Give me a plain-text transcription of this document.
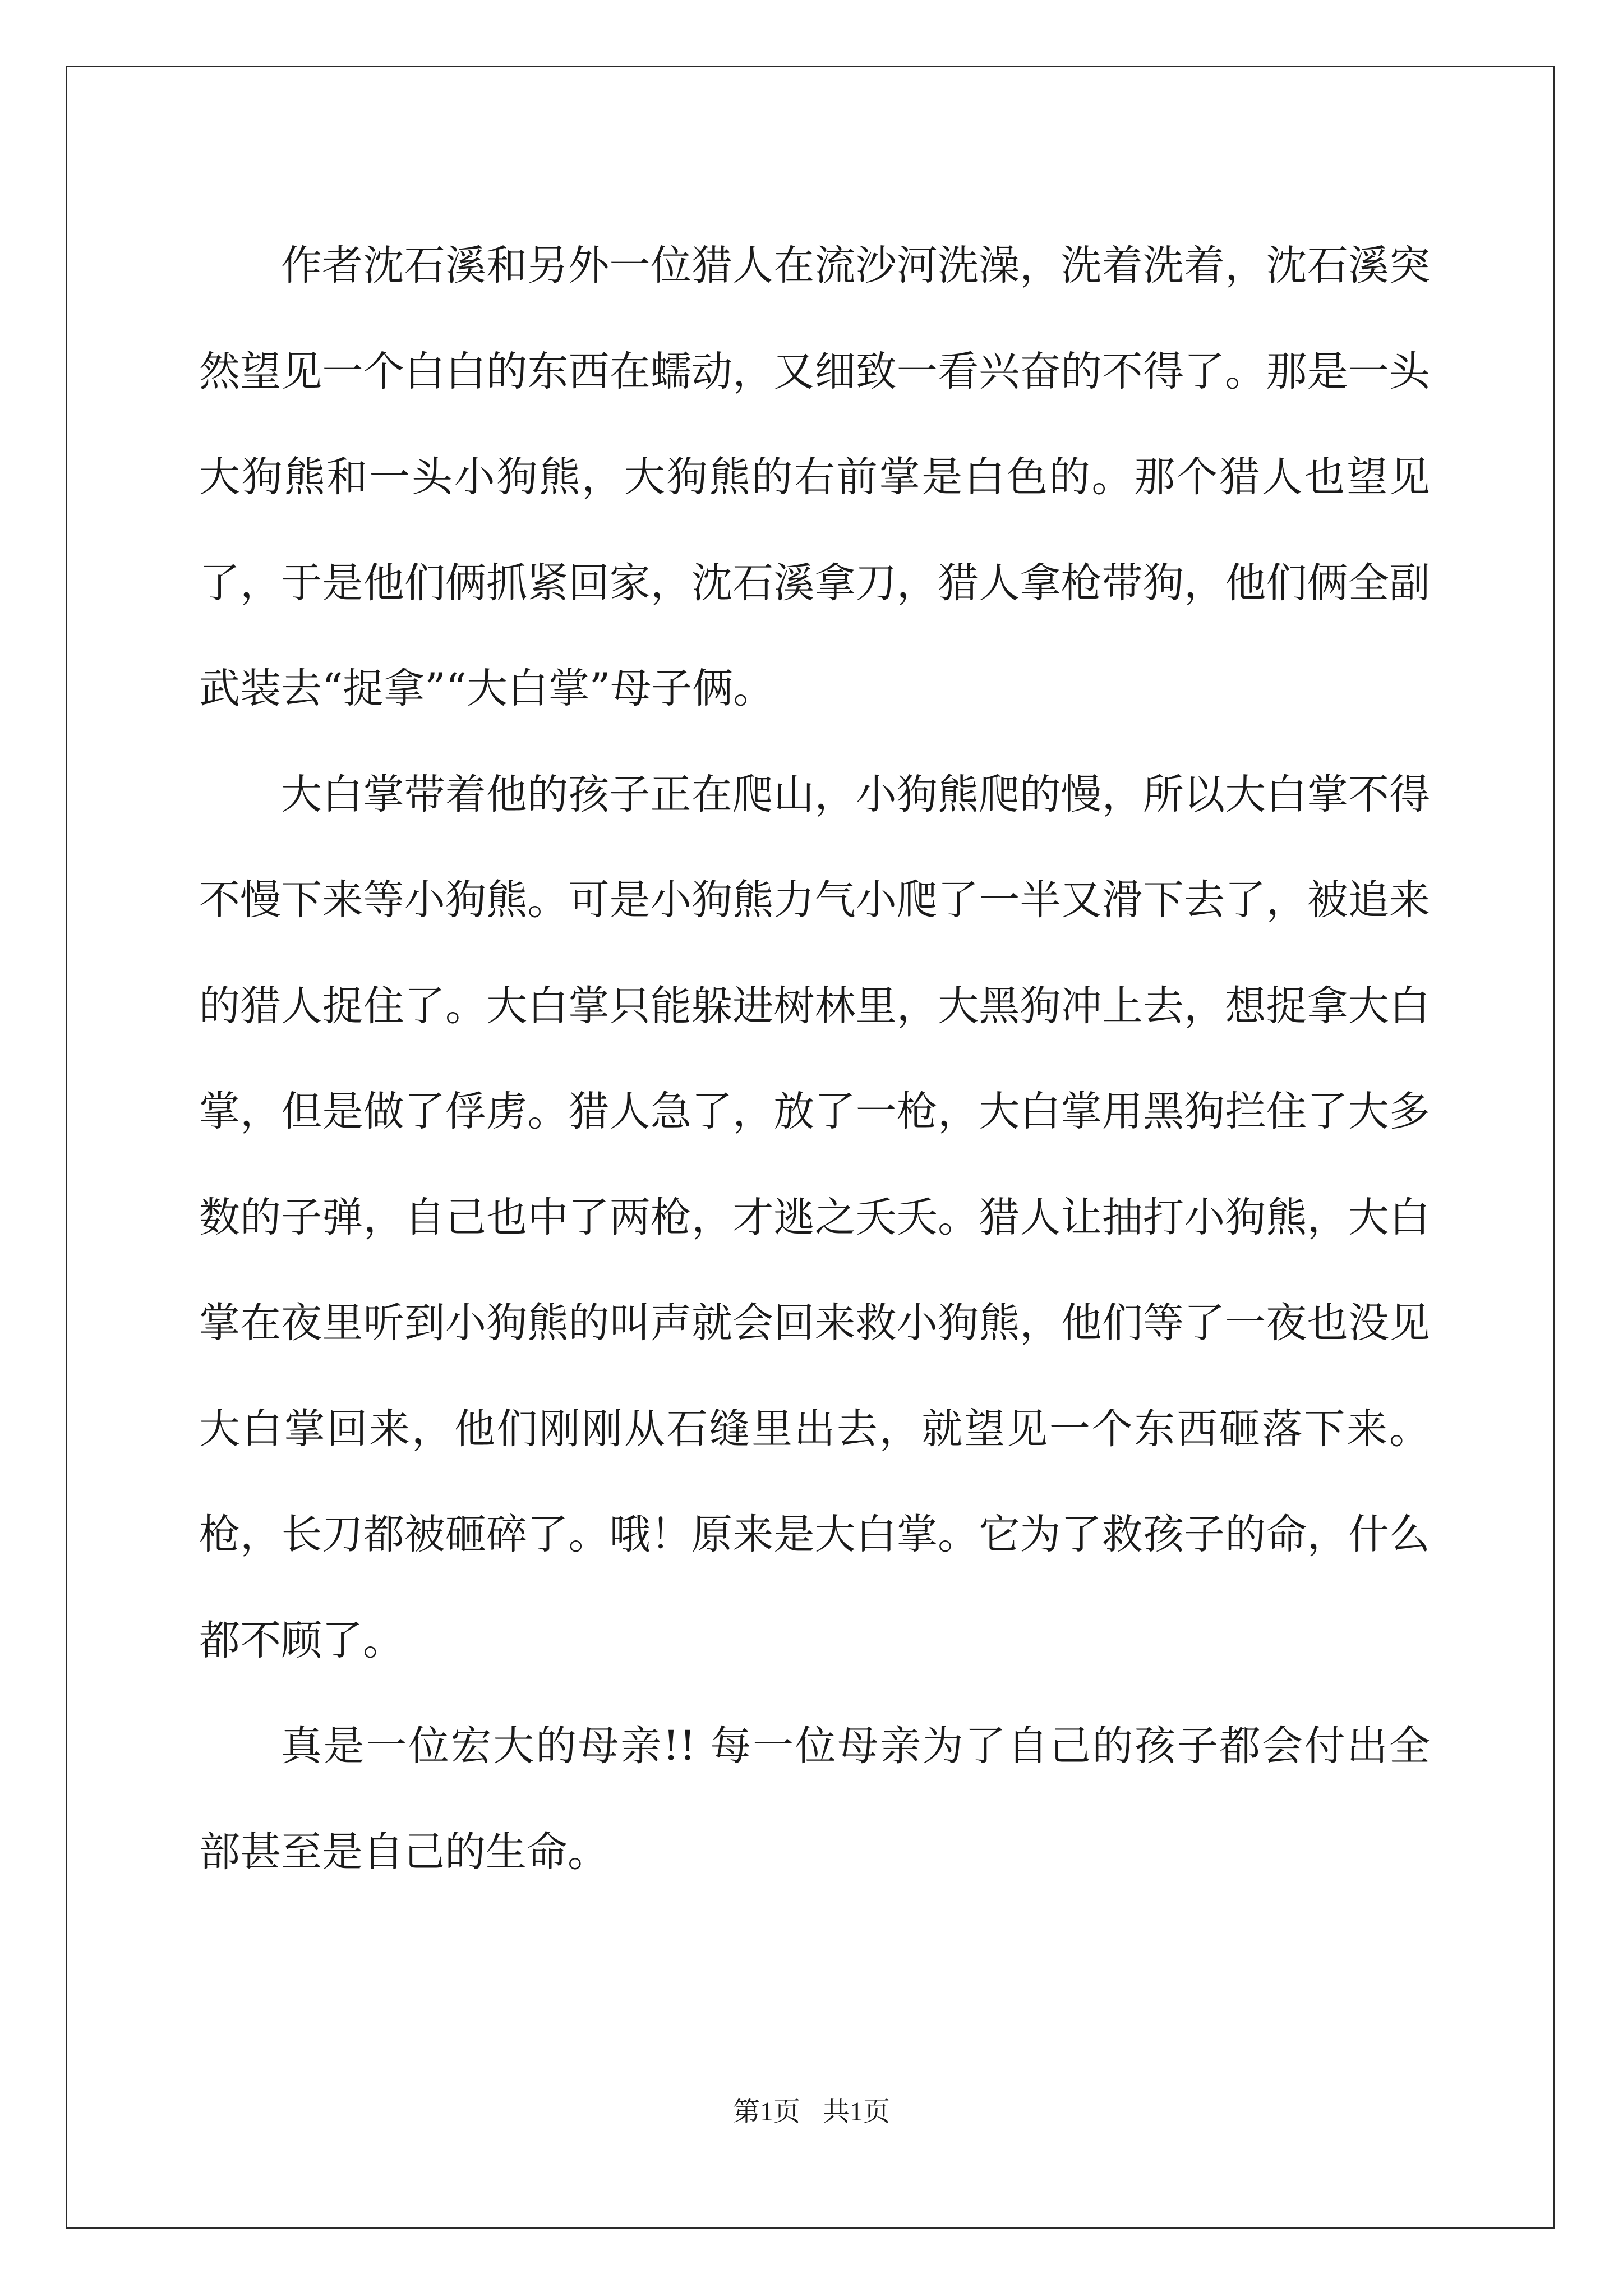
作者沈石溪和另外一位猎人在流沙河洗澡，洗着洗着，沈石溪突然望见一个白白的东西在蠕动，又细致一看兴奋的不得了。那是一头大狗熊和一头小狗熊，大狗熊的右前掌是白色的。那个猎人也望见了，于是他们俩抓紧回家，沈石溪拿刀，猎人拿枪带狗，他们俩全副武装去“捉拿”“大白掌”母子俩。

大白掌带着他的孩子正在爬山，小狗熊爬的慢，所以大白掌不得不慢下来等小狗熊。可是小狗熊力气小爬了一半又滑下去了，被追来的猎人捉住了。大白掌只能躲进树林里，大黑狗冲上去，想捉拿大白掌，但是做了俘虏。猎人急了，放了一枪，大白掌用黑狗拦住了大多数的子弹，自己也中了两枪，才逃之夭夭。猎人让抽打小狗熊，大白掌在夜里听到小狗熊的叫声就会回来救小狗熊，他们等了一夜也没见大白掌回来，他们刚刚从石缝里出去，就望见一个东西砸落下来。枪，长刀都被砸碎了。哦！原来是大白掌。它为了救孩子的命，什么都不顾了。

真是一位宏大的母亲!! 每一位母亲为了自己的孩子都会付出全部甚至是自己的生命。

第1页 共1页
